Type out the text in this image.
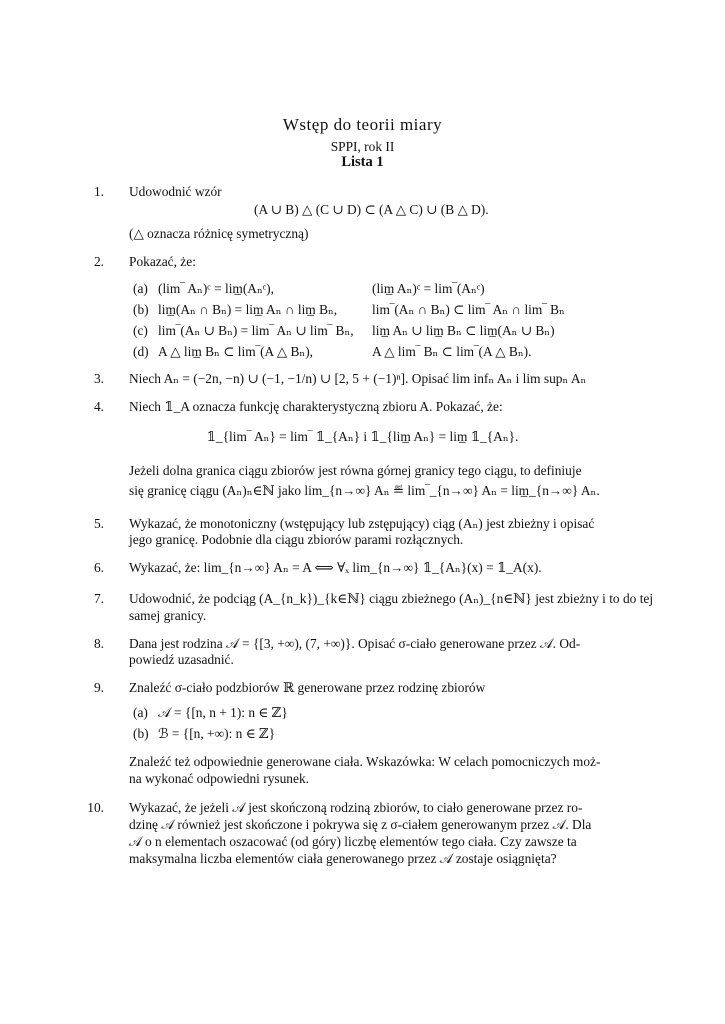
Wstęp do teorii miary
SPPI, rok II
Lista 1
1. Udowodnić wzór
(A ∪ B) △ (C ∪ D) ⊂ (A △ C) ∪ (B △ D).
(△ oznacza różnicę symetryczną)
2. Pokazać, że:
(a) (lim‾ Aₙ)ᶜ = lim̲(Aₙᶜ),	(lim̲ Aₙ)ᶜ = lim‾(Aₙᶜ)
(b) lim̲(Aₙ ∩ Bₙ) = lim̲ Aₙ ∩ lim̲ Bₙ,	lim‾(Aₙ ∩ Bₙ) ⊂ lim‾ Aₙ ∩ lim‾ Bₙ
(c) lim‾(Aₙ ∪ Bₙ) = lim‾ Aₙ ∪ lim‾ Bₙ, lim̲ Aₙ ∪ lim̲ Bₙ ⊂ lim̲(Aₙ ∪ Bₙ)
(d) A △ lim̲ Bₙ ⊂ lim‾(A △ Bₙ),	A △ lim‾ Bₙ ⊂ lim‾(A △ Bₙ).
3. Niech Aₙ = (−2n, −n) ∪ (−1, −1/n) ∪ [2, 5 + (−1)ⁿ]. Opisać lim infₙ Aₙ i lim supₙ Aₙ
4. Niech 𝟙_A oznacza funkcję charakterystyczną zbioru A. Pokazać, że:
𝟙_{lim‾ Aₙ} = lim‾ 𝟙_{Aₙ} i 𝟙_{lim̲ Aₙ} = lim̲ 𝟙_{Aₙ}.
Jeżeli dolna granica ciągu zbiorów jest równa górnej granicy tego ciągu, to definiuje
się granicę ciągu (Aₙ)ₙ∈ℕ jako lim_{n→∞} Aₙ ≝ lim‾_{n→∞} Aₙ = lim̲_{n→∞} Aₙ.
5. Wykazać, że monotoniczny (wstępujący lub zstępujący) ciąg (Aₙ) jest zbieżny i opisać
jego granicę. Podobnie dla ciągu zbiorów parami rozłącznych.
6. Wykazać, że: lim_{n→∞} Aₙ = A ⟺ ∀ₓ lim_{n→∞} 𝟙_{Aₙ}(x) = 𝟙_A(x).
7. Udowodnić, że podciąg (A_{n_k})_{k∈ℕ} ciągu zbieżnego (Aₙ)_{n∈ℕ} jest zbieżny i to do tej
samej granicy.
8. Dana jest rodzina 𝒜 = {[3, +∞), (7, +∞)}. Opisać σ-ciało generowane przez 𝒜. Od-
powiedź uzasadnić.
9. Znaleźć σ-ciało podzbiorów ℝ generowane przez rodzinę zbiorów
(a) 𝒜 = {[n, n + 1): n ∈ ℤ}
(b) ℬ = {[n, +∞): n ∈ ℤ}
Znaleźć też odpowiednie generowane ciała. Wskazówka: W celach pomocniczych moż-
na wykonać odpowiedni rysunek.
10. Wykazać, że jeżeli 𝒜 jest skończoną rodziną zbiorów, to ciało generowane przez ro-
dzinę 𝒜 również jest skończone i pokrywa się z σ-ciałem generowanym przez 𝒜. Dla
𝒜 o n elementach oszacować (od góry) liczbę elementów tego ciała. Czy zawsze ta
maksymalna liczba elementów ciała generowanego przez 𝒜 zostaje osiągnięta?
